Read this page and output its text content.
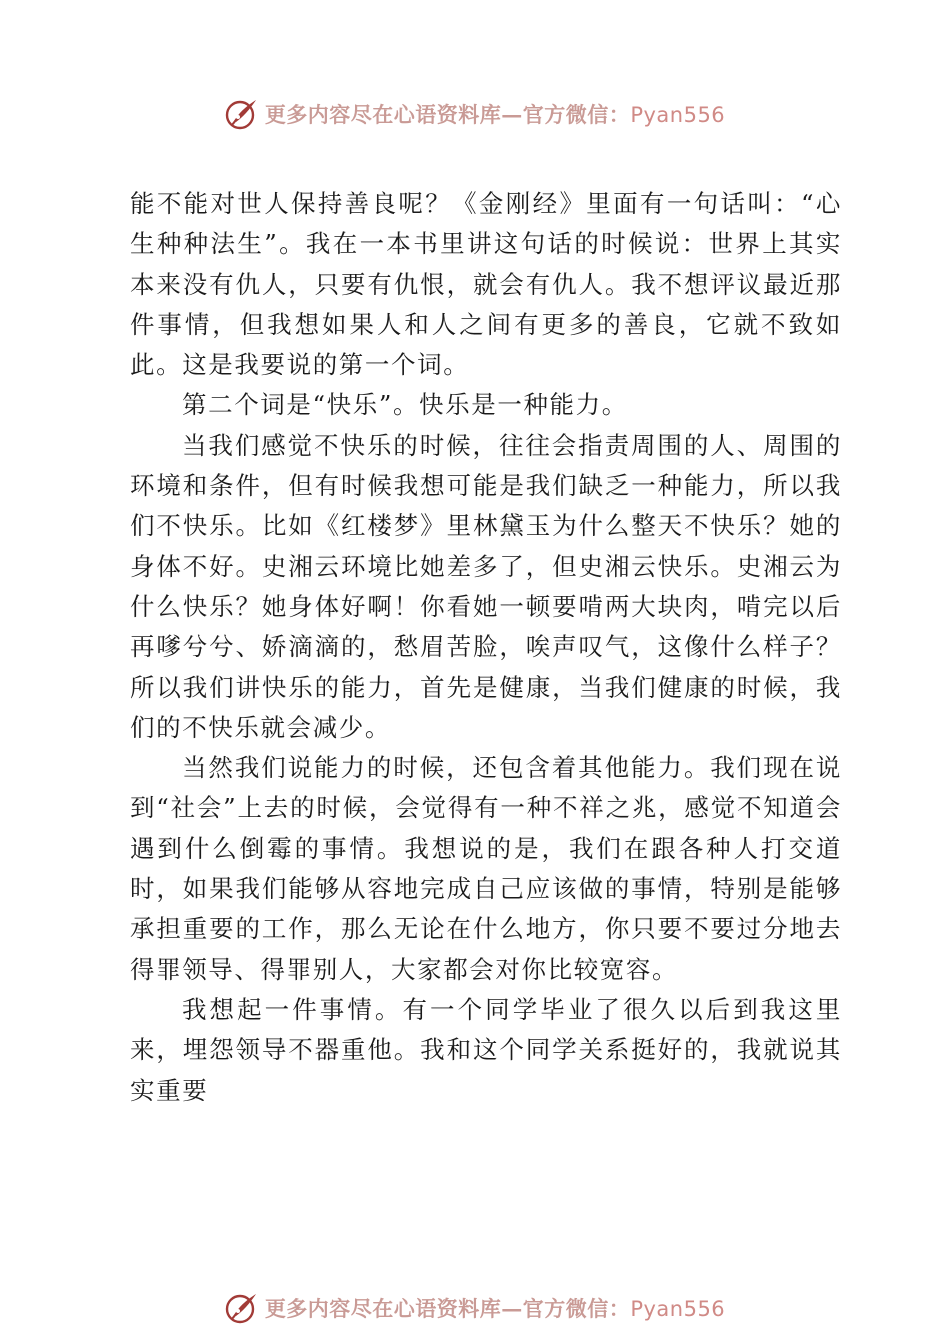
更多内容尽在心语资料库—官方微信：Pyan556

能不能对世人保持善良呢？《金刚经》里面有一句话叫：“心生种种法生”。我在一本书里讲这句话的时候说：世界上其实本来没有仇人，只要有仇恨，就会有仇人。我不想评议最近那件事情，但我想如果人和人之间有更多的善良，它就不致如此。这是我要说的第一个词。

第二个词是“快乐”。快乐是一种能力。

当我们感觉不快乐的时候，往往会指责周围的人、周围的环境和条件，但有时候我想可能是我们缺乏一种能力，所以我们不快乐。比如《红楼梦》里林黛玉为什么整天不快乐？她的身体不好。史湘云环境比她差多了，但史湘云快乐。史湘云为什么快乐？她身体好啊！你看她一顿要啃两大块肉，啃完以后再嗲兮兮、娇滴滴的，愁眉苦脸，唉声叹气，这像什么样子？所以我们讲快乐的能力，首先是健康，当我们健康的时候，我们的不快乐就会减少。

当然我们说能力的时候，还包含着其他能力。我们现在说到“社会”上去的时候，会觉得有一种不祥之兆，感觉不知道会遇到什么倒霉的事情。我想说的是，我们在跟各种人打交道时，如果我们能够从容地完成自己应该做的事情，特别是能够承担重要的工作，那么无论在什么地方，你只要不要过分地去得罪领导、得罪别人，大家都会对你比较宽容。

我想起一件事情。有一个同学毕业了很久以后到我这里来，埋怨领导不器重他。我和这个同学关系挺好的，我就说其实重要

更多内容尽在心语资料库—官方微信：Pyan556
